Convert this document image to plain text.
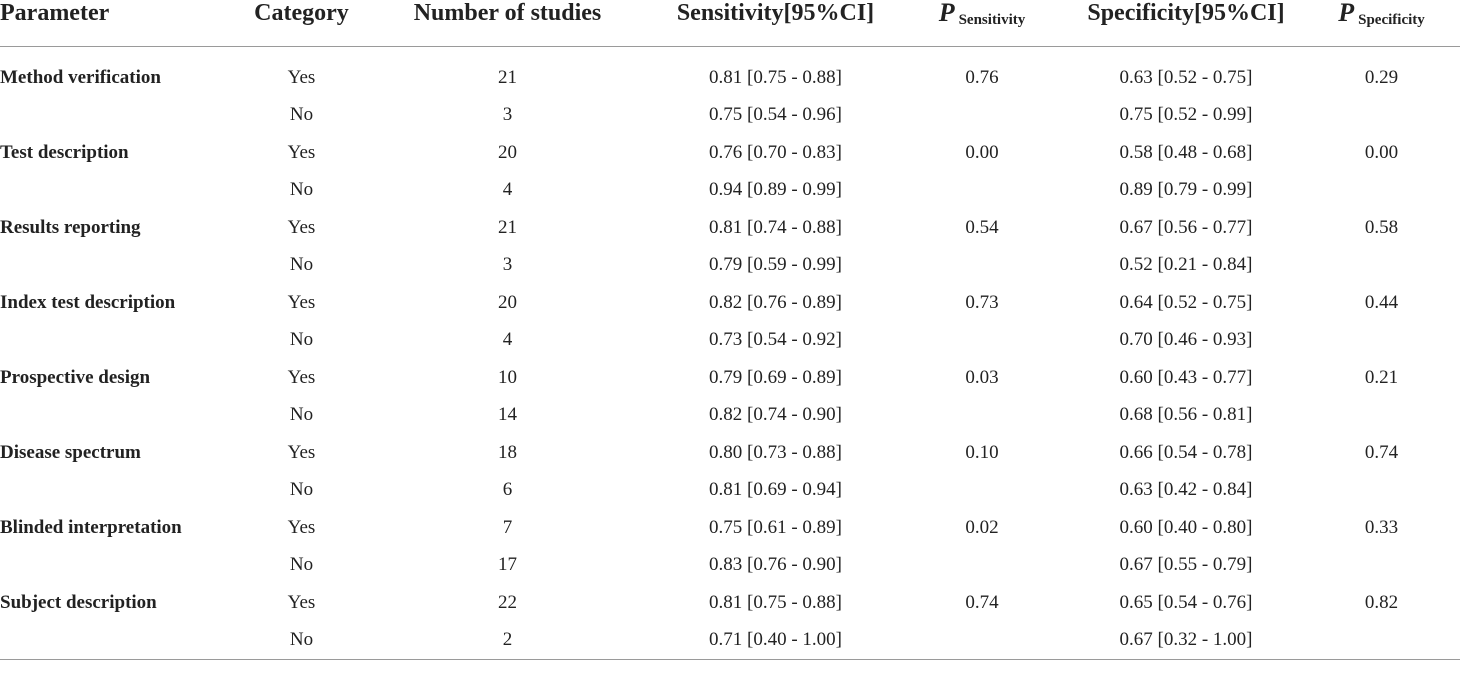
Parameter	Category	Number of studies	Sensitivity[95%CI]	P Sensitivity	Specificity[95%CI]	P Specificity

Method verification	Yes	21	0.81 [0.75 - 0.88]	0.76	0.63 [0.52 - 0.75]	0.29
	No	3	0.75 [0.54 - 0.96]		0.75 [0.52 - 0.99]	
Test description	Yes	20	0.76 [0.70 - 0.83]	0.00	0.58 [0.48 - 0.68]	0.00
	No	4	0.94 [0.89 - 0.99]		0.89 [0.79 - 0.99]	
Results reporting	Yes	21	0.81 [0.74 - 0.88]	0.54	0.67 [0.56 - 0.77]	0.58
	No	3	0.79 [0.59 - 0.99]		0.52 [0.21 - 0.84]	
Index test description	Yes	20	0.82 [0.76 - 0.89]	0.73	0.64 [0.52 - 0.75]	0.44
	No	4	0.73 [0.54 - 0.92]		0.70 [0.46 - 0.93]	
Prospective design	Yes	10	0.79 [0.69 - 0.89]	0.03	0.60 [0.43 - 0.77]	0.21
	No	14	0.82 [0.74 - 0.90]		0.68 [0.56 - 0.81]	
Disease spectrum	Yes	18	0.80 [0.73 - 0.88]	0.10	0.66 [0.54 - 0.78]	0.74
	No	6	0.81 [0.69 - 0.94]		0.63 [0.42 - 0.84]	
Blinded interpretation	Yes	7	0.75 [0.61 - 0.89]	0.02	0.60 [0.40 - 0.80]	0.33
	No	17	0.83 [0.76 - 0.90]		0.67 [0.55 - 0.79]	
Subject description	Yes	22	0.81 [0.75 - 0.88]	0.74	0.65 [0.54 - 0.76]	0.82
	No	2	0.71 [0.40 - 1.00]		0.67 [0.32 - 1.00]	
